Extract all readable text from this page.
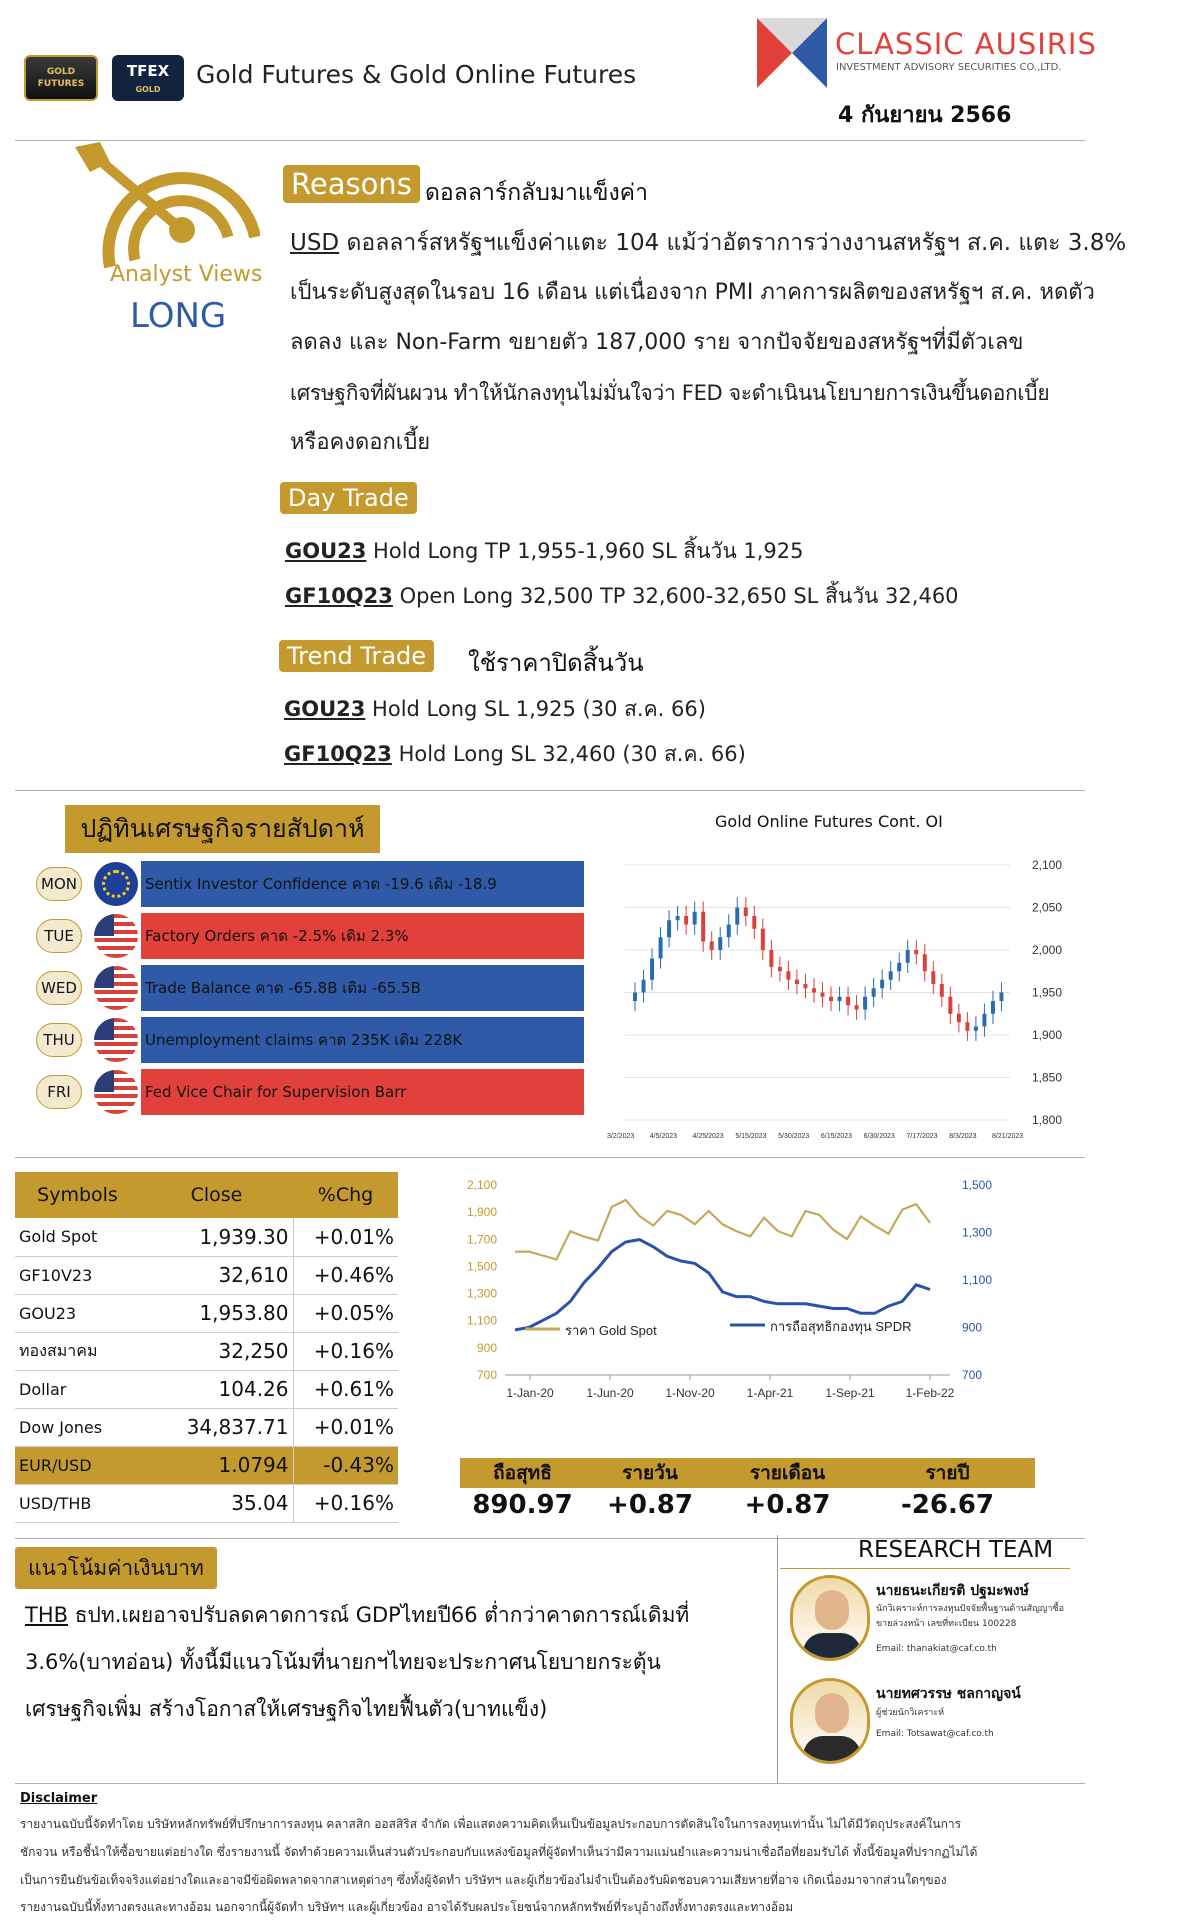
GOLD
FUTURES
TFEX
GOLD
Gold Futures & Gold Online Futures
CLASSIC AUSIRIS
INVESTMENT ADVISORY SECURITIES CO.,LTD.
4 กันยายน 2566
Analyst Views
LONG
Reasons ดอลลาร์กลับมาแข็งค่า
USD ดอลลาร์สหรัฐฯแข็งค่าแตะ 104 แม้ว่าอัตราการว่างงานสหรัฐฯ ส.ค. แตะ 3.8%
เป็นระดับสูงสุดในรอบ 16 เดือน แต่เนื่องจาก PMI ภาคการผลิตของสหรัฐฯ ส.ค. หดตัว
ลดลง และ Non-Farm ขยายตัว 187,000 ราย จากปัจจัยของสหรัฐฯที่มีตัวเลข
เศรษฐกิจที่ผันผวน ทำให้นักลงทุนไม่มั่นใจว่า FED จะดำเนินนโยบายการเงินขึ้นดอกเบี้ย
หรือคงดอกเบี้ย
Day Trade
GOU23 Hold Long TP 1,955-1,960 SL สิ้นวัน 1,925
GF10Q23 Open Long 32,500 TP 32,600-32,650 SL สิ้นวัน 32,460
Trend Trade	ใช้ราคาปิดสิ้นวัน
GOU23 Hold Long SL 1,925 (30 ส.ค. 66)
GF10Q23 Hold Long SL 32,460 (30 ส.ค. 66)
ปฏิทินเศรษฐกิจรายสัปดาห์
MON	Sentix Investor Confidence คาด -19.6 เดิม -18.9
TUE	Factory Orders คาด -2.5% เดิม 2.3%
WED	Trade Balance คาด -65.8B เดิม -65.5B
THU	Unemployment claims คาด 235K เดิม 228K
FRI	Fed Vice Chair for Supervision Barr
Gold Online Futures Cont. OI
2,100
2,050
2,000
1,950
1,900
1,850
1,800
3/2/2023 4/5/2023 4/25/2023 5/15/2023 5/30/2023 6/15/2023 6/30/2023 7/17/2023 8/3/2023 8/21/2023
Symbols	Close	%Chg
Gold Spot	1,939.30	+0.01%
GF10V23	32,610	+0.46%
GOU23	1,953.80	+0.05%
ทองสมาคม	32,250	+0.16%
Dollar	104.26	+0.61%
Dow Jones	34,837.71	+0.01%
EUR/USD	1.0794	-0.43%
USD/THB	35.04	+0.16%
2,100
1,900
1,700
1,500
1,300
1,100
900
700
1,500
1,300
1,100
900
700
1-Jan-20	1-Jun-20	1-Nov-20	1-Apr-21	1-Sep-21	1-Feb-22
ราคา Gold Spot	การถือสุทธิกองทุน SPDR
ถือสุทธิ
890.97
รายวัน
+0.87
รายเดือน
+0.87
รายปี
-26.67
แนวโน้มค่าเงินบาท
THB ธปท.เผยอาจปรับลดคาดการณ์ GDPไทยปี66 ต่ำกว่าคาดการณ์เดิมที่
3.6%(บาทอ่อน) ทั้งนี้มีแนวโน้มที่นายกฯไทยจะประกาศนโยบายกระตุ้น
เศรษฐกิจเพิ่ม สร้างโอกาสให้เศรษฐกิจไทยฟื้นตัว(บาทแข็ง)
RESEARCH TEAM
นายธนะเกียรติ ปฐมะพงษ์
นักวิเคราะห์การลงทุนปัจจัยพื้นฐานด้านสัญญาซื้อขายล่วงหน้า เลขที่ทะเบียน 100228
Email: thanakiat@caf.co.th
นายทศวรรษ ชลกาญจน์
ผู้ช่วยนักวิเคราะห์
Email: Totsawat@caf.co.th
Disclaimer
รายงานฉบับนี้จัดทำโดย บริษัทหลักทรัพย์ที่ปรึกษาการลงทุน คลาสสิก ออสสิริส จำกัด เพื่อแสดงความคิดเห็นเป็นข้อมูลประกอบการตัดสินใจในการลงทุนเท่านั้น ไม่ได้มีวัตถุประสงค์ในการ
ชักจวน หรือชี้นำให้ซื้อขายแต่อย่างใด ซึ่งรายงานนี้ จัดทำด้วยความเห็นส่วนตัวประกอบกับแหล่งข้อมูลที่ผู้จัดทำเห็นว่ามีความแม่นยำและความน่าเชื่อถือที่ยอมรับได้ ทั้งนี้ข้อมูลที่ปรากฏไม่ได้
เป็นการยืนยันข้อเท็จจริงแต่อย่างใดและอาจมีข้อผิดพลาดจากสาเหตุต่างๆ ซึ่งทั้งผู้จัดทำ บริษัทฯ และผู้เกี่ยวข้องไม่จำเป็นต้องรับผิดชอบความเสียหายที่อาจ เกิดเนื่องมาจากส่วนใดๆของ
รายงานฉบับนี้ทั้งทางตรงและทางอ้อม นอกจากนี้ผู้จัดทำ บริษัทฯ และผู้เกี่ยวข้อง อาจได้รับผลประโยชน์จากหลักทรัพย์ที่ระบุอ้างถึงทั้งทางตรงและทางอ้อม
